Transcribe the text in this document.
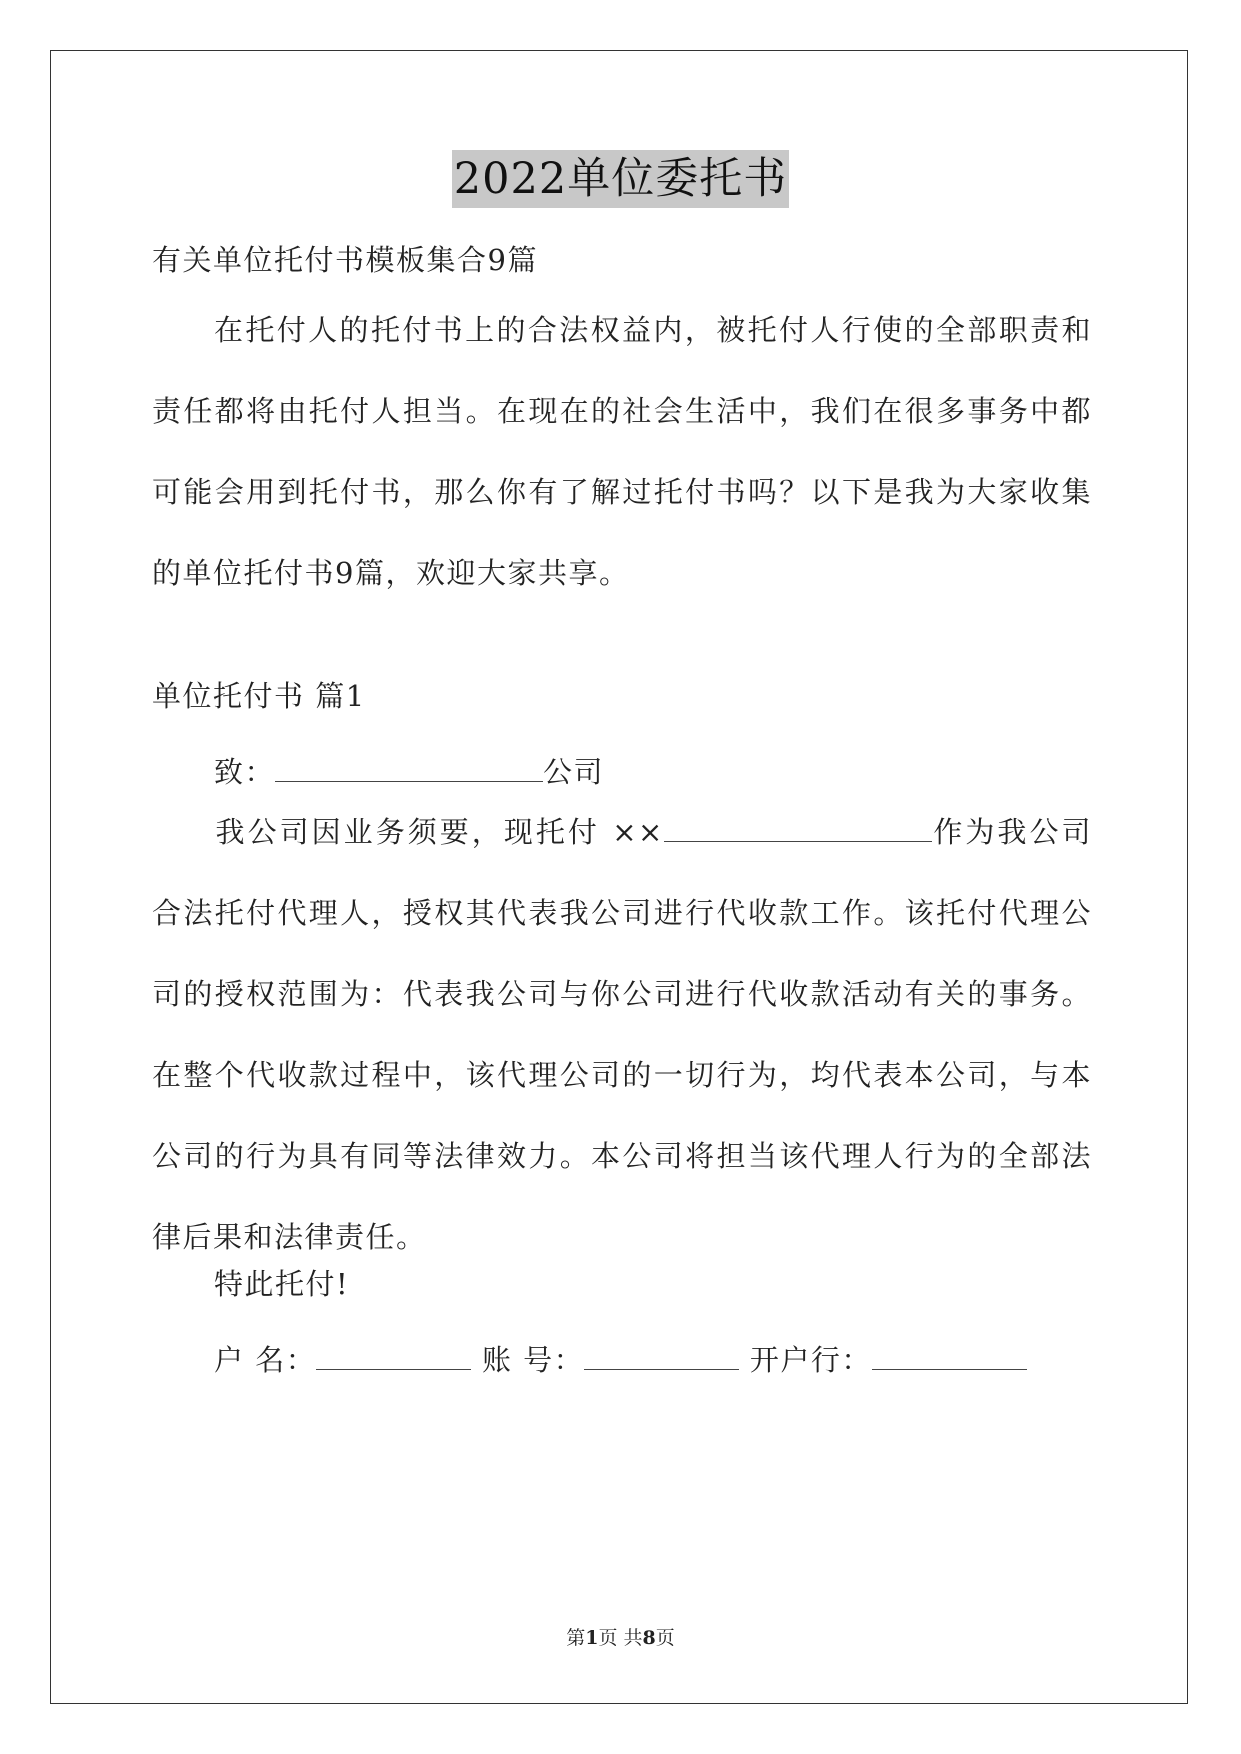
2022单位委托书
有关单位托付书模板集合9篇
在托付人的托付书上的合法权益内，被托付人行使的全部职责和责任都将由托付人担当。在现在的社会生活中，我们在很多事务中都可能会用到托付书，那么你有了解过托付书吗？以下是我为大家收集的单位托付书9篇，欢迎大家共享。
单位托付书 篇1
致：	公司
我公司因业务须要，现托付 ××	作为我公司合法托付代理人，授权其代表我公司进行代收款工作。该托付代理公司的授权范围为：代表我公司与你公司进行代收款活动有关的事务。在整个代收款过程中，该代理公司的一切行为，均代表本公司，与本公司的行为具有同等法律效力。本公司将担当该代理人行为的全部法律后果和法律责任。
特此托付!
户 名：	账 号：	开户行：
第1页 共8页
